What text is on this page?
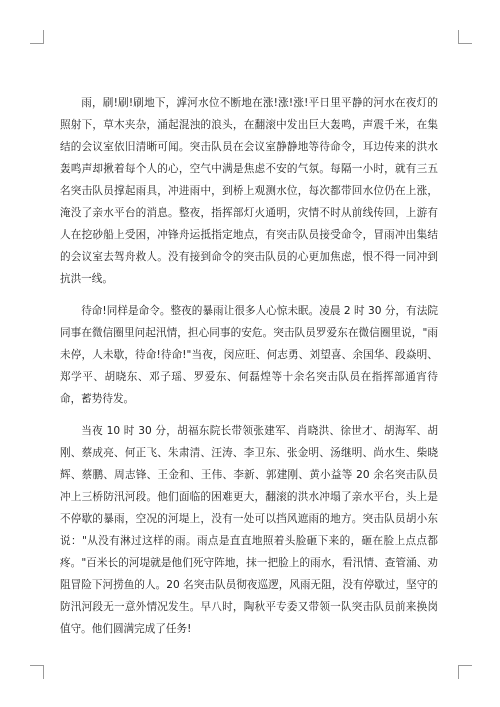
雨，刷!刷!刷地下，滹河水位不断地在涨!涨!涨!平日里平静的河水在夜灯的照射下，草木夹杂，涌起混浊的浪头，在翻滚中发出巨大轰鸣，声震千米，在集结的会议室依旧清晰可闻。突击队员在会议室静静地等待命令，耳边传来的洪水轰鸣声却揪着每个人的心，空气中满是焦虑不安的气氛。每隔一小时，就有三五名突击队员撑起雨具，冲进雨中，到桥上观测水位，每次都带回水位仍在上涨，淹没了亲水平台的消息。整夜，指挥部灯火通明，灾情不时从前线传回，上游有人在挖砂船上受困，冲锋舟运抵指定地点，有突击队员接受命令，冒雨冲出集结的会议室去驾舟救人。没有接到命令的突击队员的心更加焦虑，恨不得一同冲到抗洪一线。

待命!同样是命令。整夜的暴雨让很多人心惊未眠。凌晨 2 时 30 分，有法院同事在微信圈里问起汛情，担心同事的安危。突击队员罗爱东在微信圈里说，"雨未停，人未歇，待命!待命!"当夜，闵应旺、何志勇、刘望喜、余国华、段焱明、郑学平、胡晓东、邓子瑶、罗爱东、何磊煌等十余名突击队员在指挥部通宵待命，蓄势待发。

当夜 10 时 30 分，胡福东院长带领张建军、肖晓洪、徐世才、胡海军、胡刚、蔡成亮、何正飞、朱肃清、汪涛、李卫东、张金明、汤继明、尚水生、柴晓辉、蔡鹏、周志锋、王金和、王伟、李新、郭建刚、黄小益等 20 余名突击队员冲上三桥防汛河段。他们面临的困难更大，翻滚的洪水冲塌了亲水平台，头上是不停歇的暴雨，空况的河堤上，没有一处可以挡风遮雨的地方。突击队员胡小东说："从没有淋过这样的雨。雨点是直直地照着头脸砸下来的，砸在脸上点点都疼。"百米长的河堤就是他们死守阵地，抹一把脸上的雨水，看汛情、查管涌、劝阻冒险下河捞鱼的人。20 名突击队员彻夜巡逻，风雨无阻，没有停歇过，坚守的防汛河段无一意外情况发生。早八时，陶秋平专委又带领一队突击队员前来换岗值守。他们圆满完成了任务!
